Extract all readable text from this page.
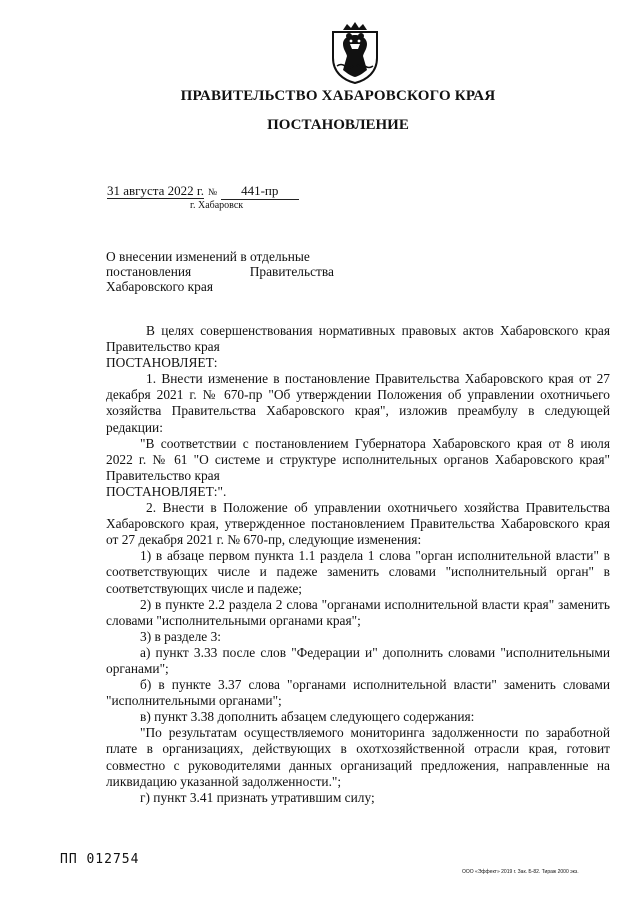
ПРАВИТЕЛЬСТВО ХАБАРОВСКОГО КРАЯ
ПОСТАНОВЛЕНИЕ
31 августа 2022 г. № 441-пр
г. Хабаровск
О внесении изменений в отдельные
постановления	Правительства
Хабаровского края

В целях совершенствования нормативных правовых актов Хабаровского края Правительство края

ПОСТАНОВЛЯЕТ:

1. Внести изменение в постановление Правительства Хабаровского края от 27 декабря 2021 г. № 670-пр "Об утверждении Положения об управлении охотничьего хозяйства Правительства Хабаровского края", изложив преамбулу в следующей редакции:

"В соответствии с постановлением Губернатора Хабаровского края от 8 июля 2022 г. № 61 "О системе и структуре исполнительных органов Хабаровского края" Правительство края

ПОСТАНОВЛЯЕТ:".

2. Внести в Положение об управлении охотничьего хозяйства Правительства Хабаровского края, утвержденное постановлением Правительства Хабаровского края от 27 декабря 2021 г. № 670-пр, следующие изменения:

1) в абзаце первом пункта 1.1 раздела 1 слова "орган исполнительной власти" в соответствующих числе и падеже заменить словами "исполнительный орган" в соответствующих числе и падеже;

2) в пункте 2.2 раздела 2 слова "органами исполнительной власти края" заменить словами "исполнительными органами края";

3) в разделе 3:

а) пункт 3.33 после слов "Федерации и" дополнить словами "исполнительными органами";

б) в пункте 3.37 слова "органами исполнительной власти" заменить словами "исполнительными органами";

в) пункт 3.38 дополнить абзацем следующего содержания:

"По результатам осуществляемого мониторинга задолженности по заработной плате в организациях, действующих в охотхозяйственной отрасли края, готовит совместно с руководителями данных организаций предложения, направленные на ликвидацию указанной задолженности.";

г) пункт 3.41 признать утратившим силу;

ПП 012754
ООО «Эффект» 2019 г. Зак. Б-82. Тираж 2000 экз.
